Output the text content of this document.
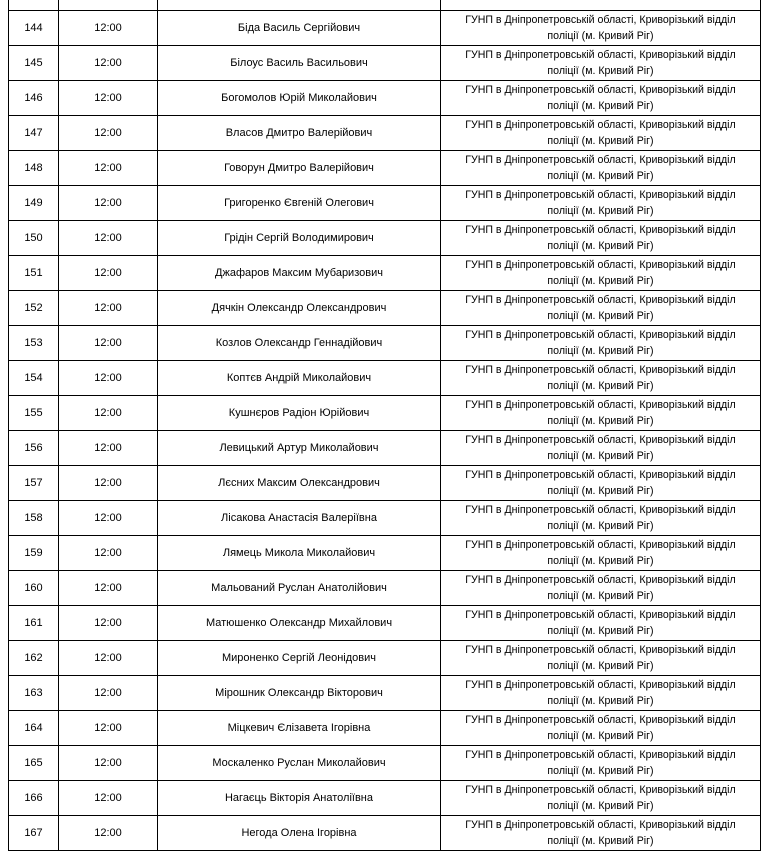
144	12:00	Біда Василь Сергійович	ГУНП в Дніпропетровській області, Криворізький відділ
поліції (м. Кривий Ріг)

145	12:00	Білоус Василь Васильович	ГУНП в Дніпропетровській області, Криворізький відділ
поліції (м. Кривий Ріг)

146	12:00	Богомолов Юрій Миколайович	ГУНП в Дніпропетровській області, Криворізький відділ
поліції (м. Кривий Ріг)

147	12:00	Власов Дмитро Валерійович	ГУНП в Дніпропетровській області, Криворізький відділ
поліції (м. Кривий Ріг)

148	12:00	Говорун Дмитро Валерійович	ГУНП в Дніпропетровській області, Криворізький відділ
поліції (м. Кривий Ріг)

149	12:00	Григоренко Євгеній Олегович	ГУНП в Дніпропетровській області, Криворізький відділ
поліції (м. Кривий Ріг)

150	12:00	Грідін Сергій Володимирович	ГУНП в Дніпропетровській області, Криворізький відділ
поліції (м. Кривий Ріг)

151	12:00	Джафаров Максим Мубаризович	ГУНП в Дніпропетровській області, Криворізький відділ
поліції (м. Кривий Ріг)

152	12:00	Дячкін Олександр Олександрович	ГУНП в Дніпропетровській області, Криворізький відділ
поліції (м. Кривий Ріг)

153	12:00	Козлов Олександр Геннадійович	ГУНП в Дніпропетровській області, Криворізький відділ
поліції (м. Кривий Ріг)

154	12:00	Коптєв Андрій Миколайович	ГУНП в Дніпропетровській області, Криворізький відділ
поліції (м. Кривий Ріг)

155	12:00	Кушнєров Радіон Юрійович	ГУНП в Дніпропетровській області, Криворізький відділ
поліції (м. Кривий Ріг)

156	12:00	Левицький Артур Миколайович	ГУНП в Дніпропетровській області, Криворізький відділ
поліції (м. Кривий Ріг)

157	12:00	Лєсних Максим Олександрович	ГУНП в Дніпропетровській області, Криворізький відділ
поліції (м. Кривий Ріг)

158	12:00	Лісакова Анастасія Валеріївна	ГУНП в Дніпропетровській області, Криворізький відділ
поліції (м. Кривий Ріг)

159	12:00	Лямець Микола Миколайович	ГУНП в Дніпропетровській області, Криворізький відділ
поліції (м. Кривий Ріг)

160	12:00	Мальований Руслан Анатолійович	ГУНП в Дніпропетровській області, Криворізький відділ
поліції (м. Кривий Ріг)

161	12:00	Матюшенко Олександр Михайлович	ГУНП в Дніпропетровській області, Криворізький відділ
поліції (м. Кривий Ріг)

162	12:00	Мироненко Сергій Леонідович	ГУНП в Дніпропетровській області, Криворізький відділ
поліції (м. Кривий Ріг)

163	12:00	Мірошник Олександр Вікторович	ГУНП в Дніпропетровській області, Криворізький відділ
поліції (м. Кривий Ріг)

164	12:00	Міцкевич Єлізавета Ігорівна	ГУНП в Дніпропетровській області, Криворізький відділ
поліції (м. Кривий Ріг)

165	12:00	Москаленко Руслан Миколайович	ГУНП в Дніпропетровській області, Криворізький відділ
поліції (м. Кривий Ріг)

166	12:00	Нагаєць Вікторія Анатоліївна	ГУНП в Дніпропетровській області, Криворізький відділ
поліції (м. Кривий Ріг)

167	12:00	Негода Олена Ігорівна	ГУНП в Дніпропетровській області, Криворізький відділ
поліції (м. Кривий Ріг)
